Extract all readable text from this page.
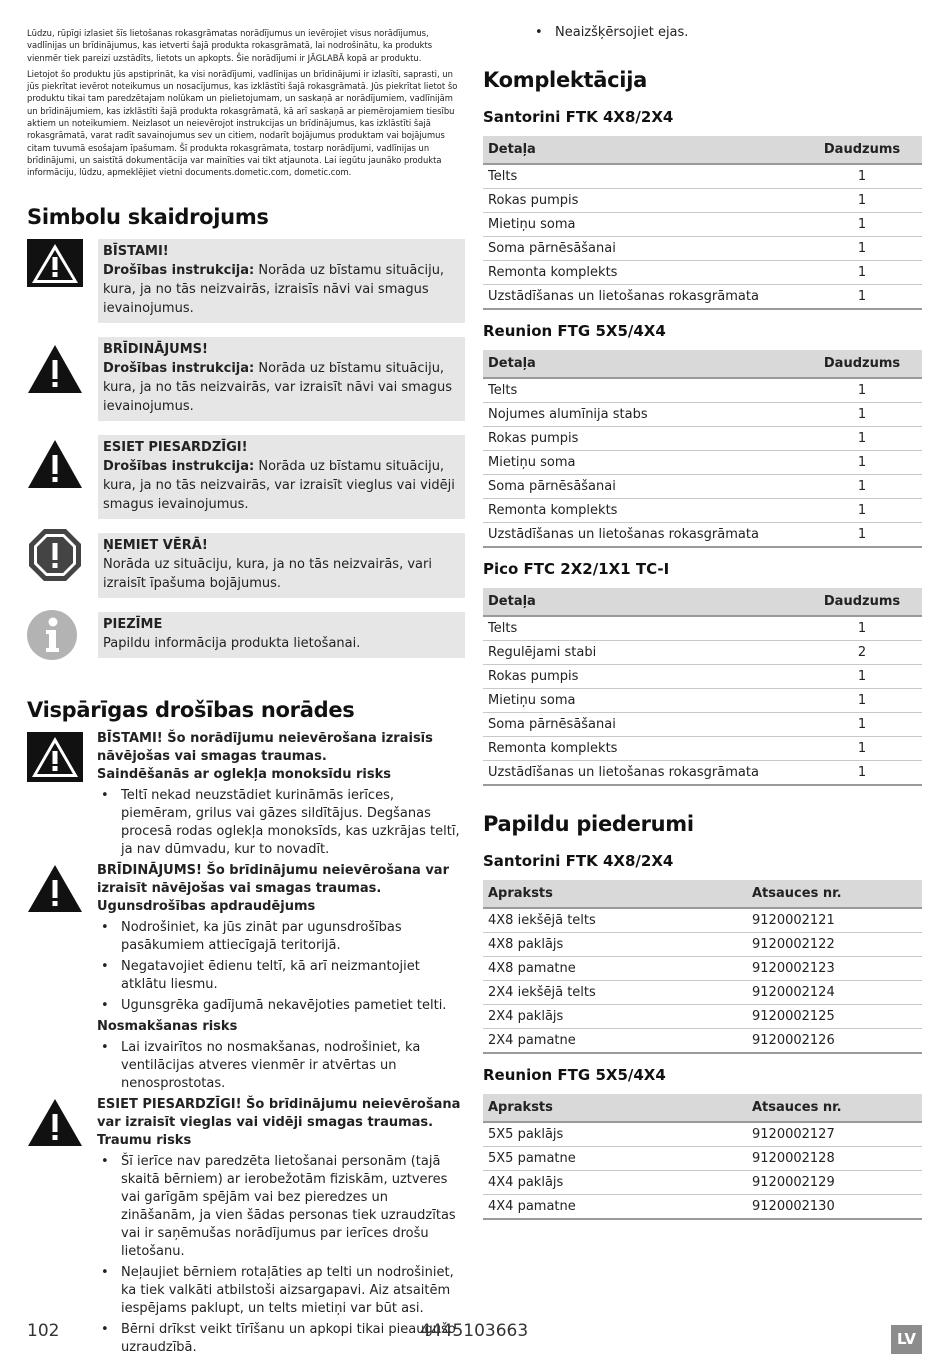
Lūdzu, rūpīgi izlasiet šīs lietošanas rokasgrāmatas norādījumus un ievērojiet visus norādījumus, vadlīnijas un brīdinājumus, kas ietverti šajā produkta rokasgrāmatā, lai nodrošinātu, ka produkts vienmēr tiek pareizi uzstādīts, lietots un apkopts. Šie norādījumi ir JĀGLABĀ kopā ar produktu.

Lietojot šo produktu jūs apstiprināt, ka visi norādījumi, vadlīnijas un brīdinājumi ir izlasīti, saprasti, un jūs piekrītat ievērot noteikumus un nosacījumus, kas izklāstīti šajā rokasgrāmatā. Jūs piekrītat lietot šo produktu tikai tam paredzētajam nolūkam un pielietojumam, un saskaņā ar norādījumiem, vadlīnijām un brīdinājumiem, kas izklāstīti šajā produkta rokasgrāmatā, kā arī saskaņā ar piemērojamiem tiesību aktiem un noteikumiem. Neizlasot un neievērojot instrukcijas un brīdinājumus, kas izklāstīti šajā rokasgrāmatā, varat radīt savainojumus sev un citiem, nodarīt bojājumus produktam vai bojājumus citam tuvumā esošajam īpašumam. Šī produkta rokasgrāmata, tostarp norādījumi, vadlīnijas un brīdinājumi, un saistītā dokumentācija var mainīties vai tikt atjaunota. Lai iegūtu jaunāko produkta informāciju, lūdzu, apmeklējiet vietni documents.dometic.com, dometic.com.

Simbolu skaidrojums
BĪSTAMI!
Drošības instrukcija: Norāda uz bīstamu situāciju, kura, ja no tās neizvairās, izraisīs nāvi vai smagus ievainojumus.
BRĪDINĀJUMS!
Drošības instrukcija: Norāda uz bīstamu situāciju, kura, ja no tās neizvairās, var izraisīt nāvi vai smagus ievainojumus.
ESIET PIESARDZĪGI!
Drošības instrukcija: Norāda uz bīstamu situāciju, kura, ja no tās neizvairās, var izraisīt vieglus vai vidēji smagus ievainojumus.
ŅEMIET VĒRĀ!
Norāda uz situāciju, kura, ja no tās neizvairās, vari izraisīt īpašuma bojājumus.
PIEZĪME
Papildu informācija produkta lietošanai.
Vispārīgas drošības norādes
BĪSTAMI! Šo norādījumu neievērošana izraisīs nāvējošas vai smagas traumas.
Saindēšanās ar oglekļa monoksīdu risks
• Teltī nekad neuzstādiet kurināmās ierīces, piemēram, grilus vai gāzes sildītājus. Degšanas procesā rodas oglekļa monoksīds, kas uzkrājas teltī, ja nav dūmvadu, kur to novadīt.
BRĪDINĀJUMS! Šo brīdinājumu neievērošana var izraisīt nāvējošas vai smagas traumas.
Ugunsdrošības apdraudējums
• Nodrošiniet, ka jūs zināt par ugunsdrošības pasākumiem attiecīgajā teritorijā.
• Negatavojiet ēdienu teltī, kā arī neizmantojiet atklātu liesmu.
• Ugunsgrēka gadījumā nekavējoties pametiet telti.
Nosmakšanas risks
• Lai izvairītos no nosmakšanas, nodrošiniet, ka ventilācijas atveres vienmēr ir atvērtas un nenosprostotas.
ESIET PIESARDZĪGI! Šo brīdinājumu neievērošana var izraisīt vieglas vai vidēji smagas traumas.
Traumu risks
• Šī ierīce nav paredzēta lietošanai personām (tajā skaitā bērniem) ar ierobežotām fiziskām, uztveres vai garīgām spējām vai bez pieredzes un zināšanām, ja vien šādas personas tiek uzraudzītas vai ir saņēmušas norādījumus par ierīces drošu lietošanu.
• Neļaujiet bērniem rotaļāties ap telti un nodrošiniet, ka tiek valkāti atbilstoši aizsargapavi. Aiz atsaitēm iespējams paklupt, un telts mietiņi var būt asi.
• Bērni drīkst veikt tīrīšanu un apkopi tikai pieaugušo uzraudzībā.
• Neaizšķērsojiet ejas.
Komplektācija
Santorini FTK 4X8/2X4
Detaļa	Daudzums
Telts	1
Rokas pumpis	1
Mietiņu soma	1
Soma pārnēsāšanai	1
Remonta komplekts	1
Uzstādīšanas un lietošanas rokasgrāmata	1
Reunion FTG 5X5/4X4
Detaļa	Daudzums
Telts	1
Nojumes alumīnija stabs	1
Rokas pumpis	1
Mietiņu soma	1
Soma pārnēsāšanai	1
Remonta komplekts	1
Uzstādīšanas un lietošanas rokasgrāmata	1
Pico FTC 2X2/1X1 TC-I
Detaļa	Daudzums
Telts	1
Regulējami stabi	2
Rokas pumpis	1
Mietiņu soma	1
Soma pārnēsāšanai	1
Remonta komplekts	1
Uzstādīšanas un lietošanas rokasgrāmata	1
Papildu piederumi
Santorini FTK 4X8/2X4
Apraksts	Atsauces nr.
4X8 iekšējā telts	9120002121
4X8 paklājs	9120002122
4X8 pamatne	9120002123
2X4 iekšējā telts	9120002124
2X4 paklājs	9120002125
2X4 pamatne	9120002126
Reunion FTG 5X5/4X4
Apraksts	Atsauces nr.
5X5 paklājs	9120002127
5X5 pamatne	9120002128
4X4 paklājs	9120002129
4X4 pamatne	9120002130
102	4445103663	LV
